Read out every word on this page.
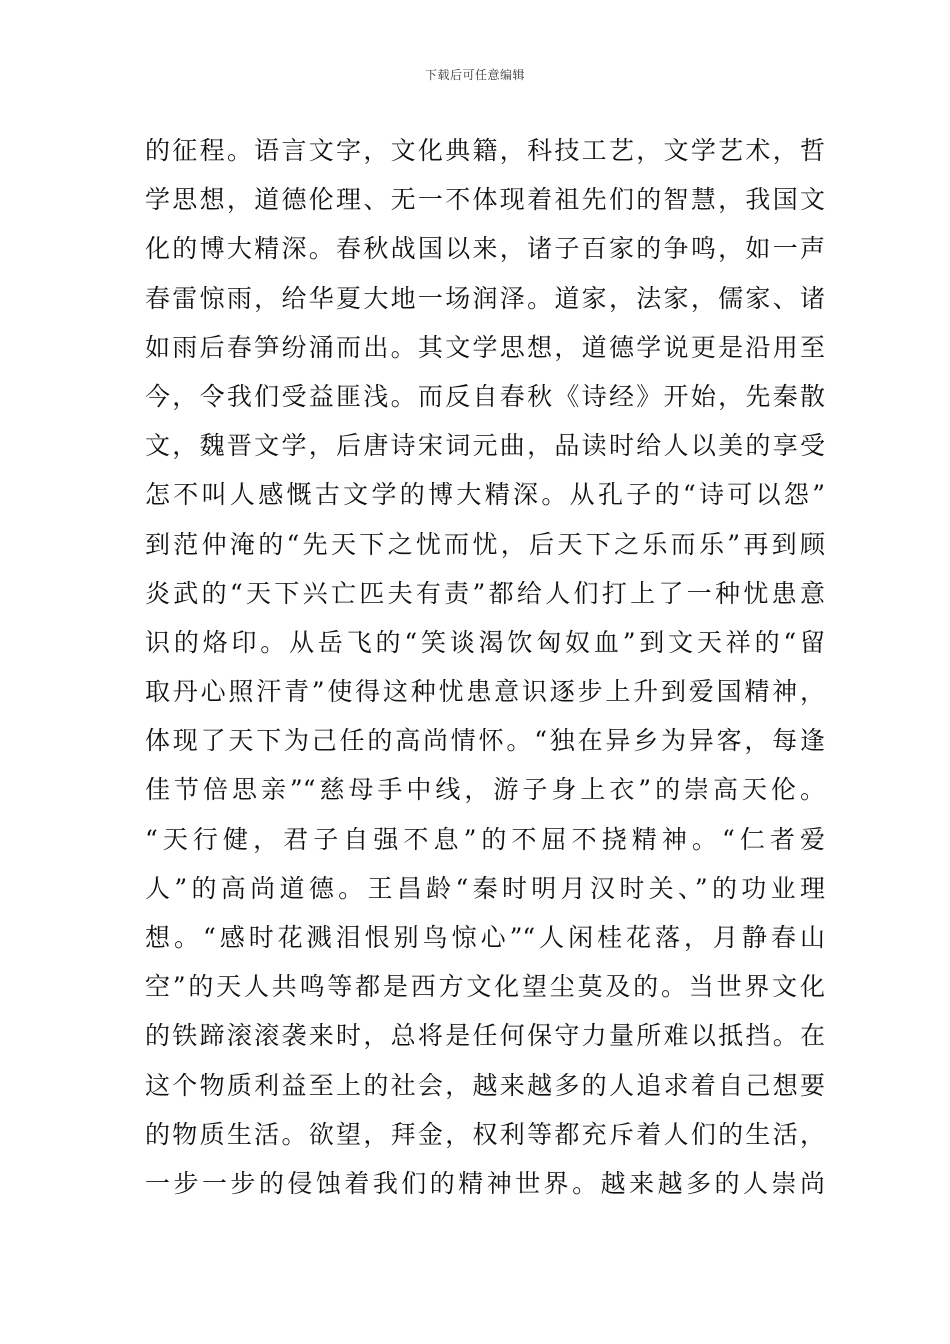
下载后可任意编辑
的征程。语言文字，文化典籍，科技工艺，文学艺术，哲
学思想，道德伦理、无一不体现着祖先们的智慧，我国文
化的博大精深。春秋战国以来，诸子百家的争鸣，如一声
春雷惊雨，给华夏大地一场润泽。道家，法家，儒家、诸
如雨后春笋纷涌而出。其文学思想，道德学说更是沿用至
今，令我们受益匪浅。而反自春秋《诗经》开始，先秦散
文，魏晋文学，后唐诗宋词元曲，品读时给人以美的享受
怎不叫人感慨古文学的博大精深。从孔子的“诗可以怨”
到范仲淹的“先天下之忧而忧，后天下之乐而乐”再到顾
炎武的“天下兴亡匹夫有责”都给人们打上了一种忧患意
识的烙印。从岳飞的“笑谈渴饮匈奴血”到文天祥的“留
取丹心照汗青”使得这种忧患意识逐步上升到爱国精神，
体现了天下为己任的高尚情怀。“独在异乡为异客，每逢
佳节倍思亲”“慈母手中线，游子身上衣”的崇高天伦。
“天行健，君子自强不息”的不屈不挠精神。“仁者爱
人”的高尚道德。王昌龄“秦时明月汉时关、”的功业理
想。“感时花溅泪恨别鸟惊心”“人闲桂花落，月静春山
空”的天人共鸣等都是西方文化望尘莫及的。当世界文化
的铁蹄滚滚袭来时，总将是任何保守力量所难以抵挡。在
这个物质利益至上的社会，越来越多的人追求着自己想要
的物质生活。欲望，拜金，权利等都充斥着人们的生活，
一步一步的侵蚀着我们的精神世界。越来越多的人崇尚
